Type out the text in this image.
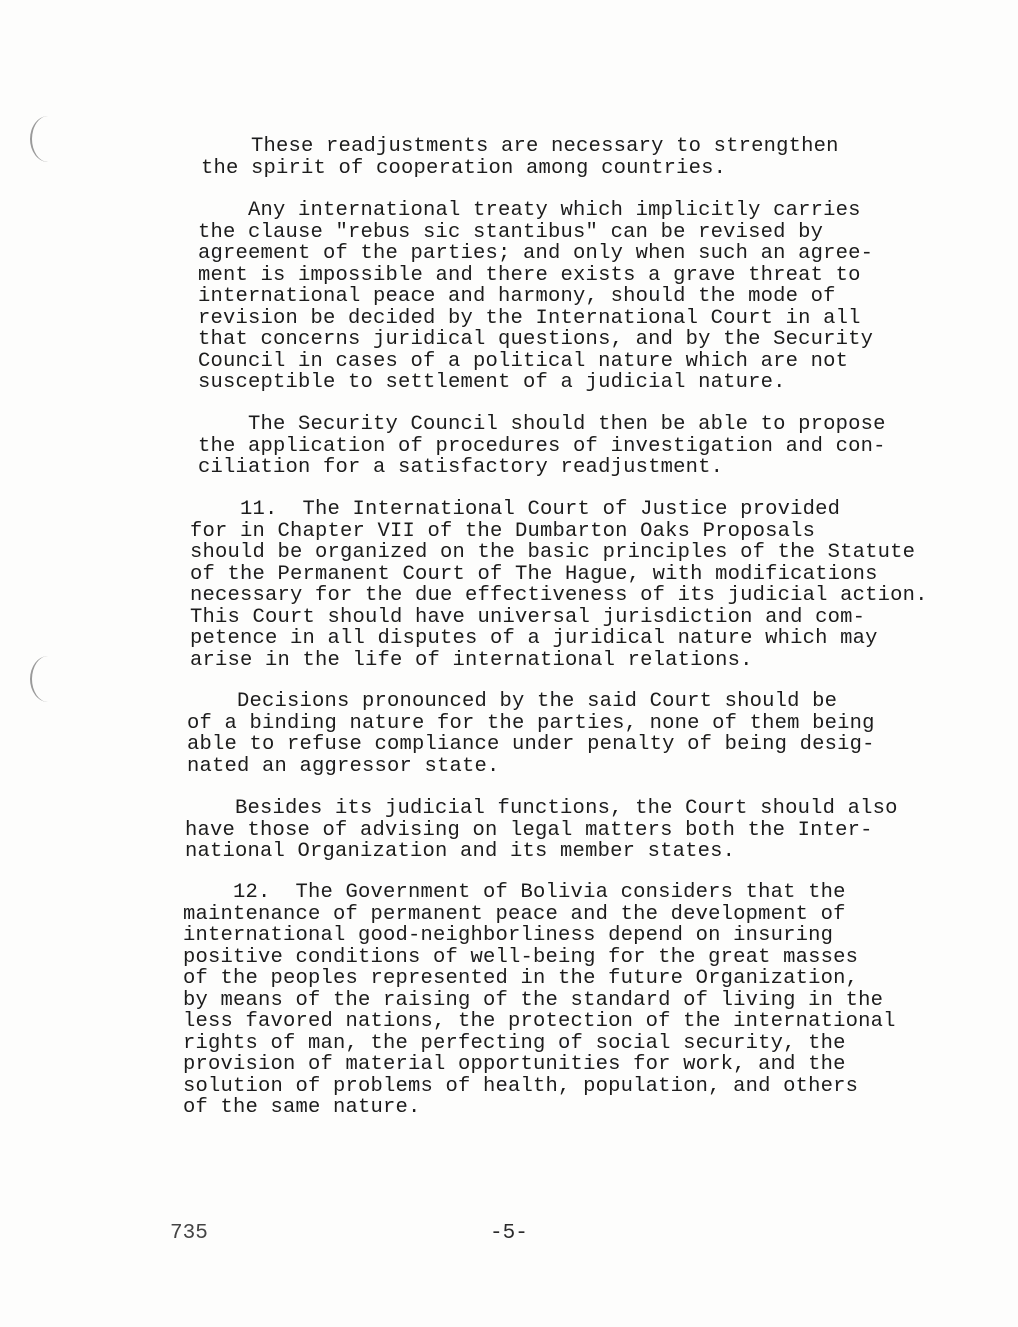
These readjustments are necessary to strengthen
the spirit of cooperation among countries.
Any international treaty which implicitly carries
the clause "rebus sic stantibus" can be revised by
agreement of the parties; and only when such an agree-
ment is impossible and there exists a grave threat to
international peace and harmony, should the mode of
revision be decided by the International Court in all
that concerns juridical questions, and by the Security
Council in cases of a political nature which are not
susceptible to settlement of a judicial nature.
The Security Council should then be able to propose
the application of procedures of investigation and con-
ciliation for a satisfactory readjustment.
11.  The International Court of Justice provided
for in Chapter VII of the Dumbarton Oaks Proposals
should be organized on the basic principles of the Statute
of the Permanent Court of The Hague, with modifications
necessary for the due effectiveness of its judicial action.
This Court should have universal jurisdiction and com-
petence in all disputes of a juridical nature which may
arise in the life of international relations.
Decisions pronounced by the said Court should be
of a binding nature for the parties, none of them being
able to refuse compliance under penalty of being desig-
nated an aggressor state.
Besides its judicial functions, the Court should also
have those of advising on legal matters both the Inter-
national Organization and its member states.
12.  The Government of Bolivia considers that the
maintenance of permanent peace and the development of
international good-neighborliness depend on insuring
positive conditions of well-being for the great masses
of the peoples represented in the future Organization,
by means of the raising of the standard of living in the
less favored nations, the protection of the international
rights of man, the perfecting of social security, the
provision of material opportunities for work, and the
solution of problems of health, population, and others
of the same nature.
735	-5-
